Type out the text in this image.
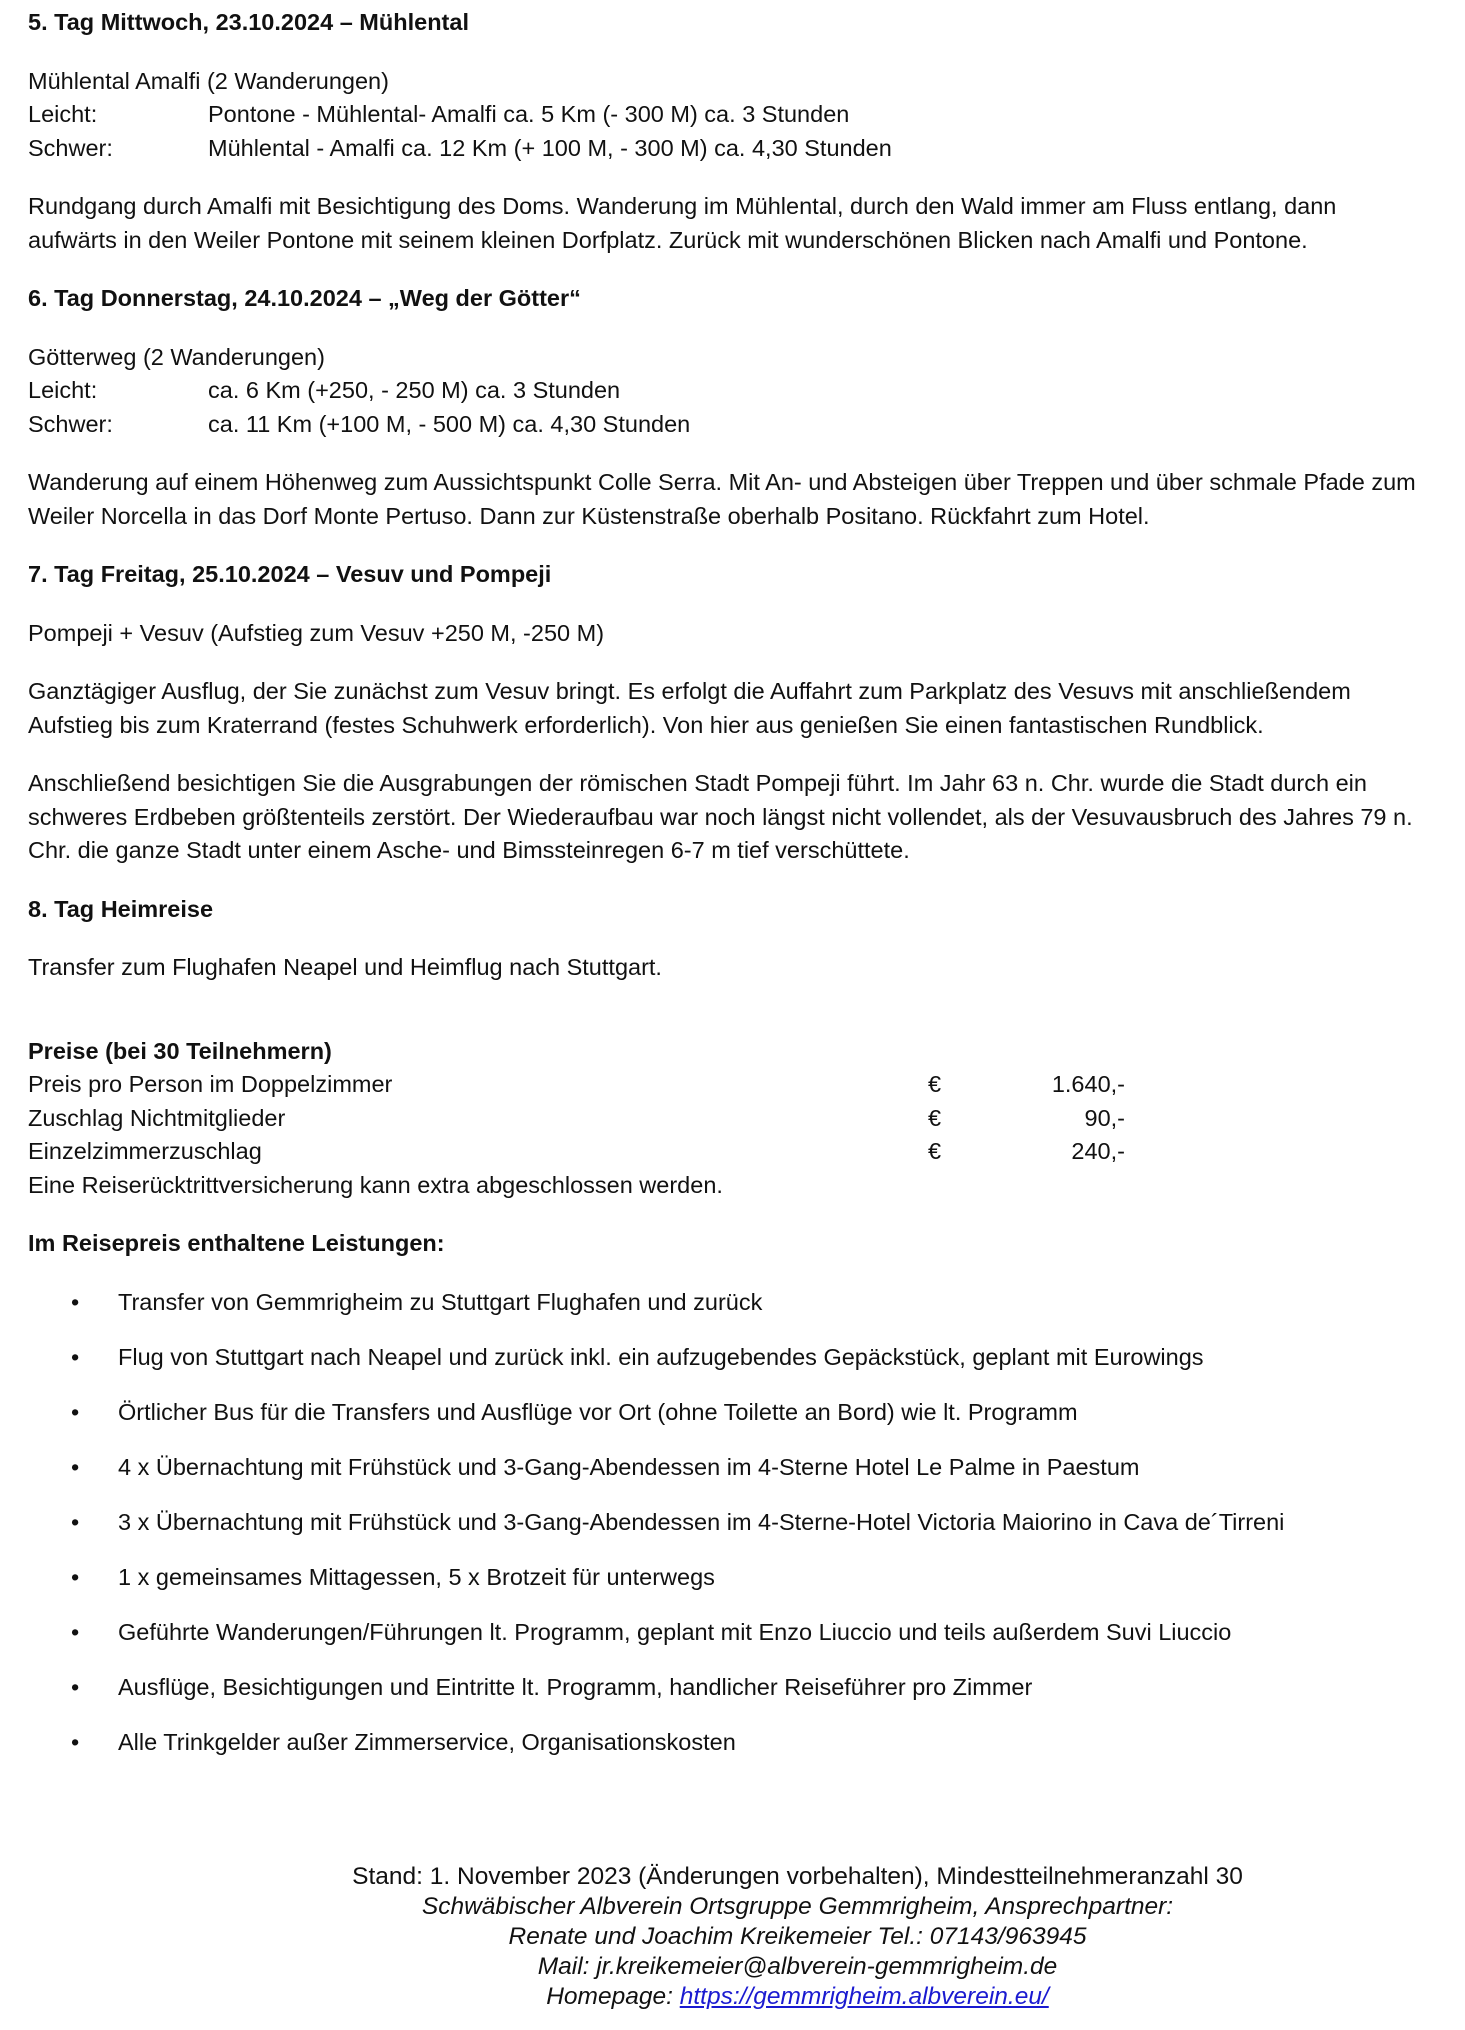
5. Tag Mittwoch, 23.10.2024 – Mühlental

Mühlental Amalfi (2 Wanderungen)
Leicht:	Pontone - Mühlental- Amalfi ca. 5 Km (- 300 M) ca. 3 Stunden
Schwer:	Mühlental - Amalfi ca. 12 Km (+ 100 M, - 300 M) ca. 4,30 Stunden
Rundgang durch Amalfi mit Besichtigung des Doms. Wanderung im Mühlental, durch den Wald immer am Fluss entlang, dann aufwärts in den Weiler Pontone mit seinem kleinen Dorfplatz. Zurück mit wunderschönen Blicken nach Amalfi und Pontone.

6. Tag Donnerstag, 24.10.2024 – „Weg der Götter“

Götterweg (2 Wanderungen)
Leicht:	ca. 6 Km (+250, - 250 M) ca. 3 Stunden
Schwer:	ca. 11 Km (+100 M, - 500 M) ca. 4,30 Stunden
Wanderung auf einem Höhenweg zum Aussichtspunkt Colle Serra. Mit An- und Absteigen über Treppen und über schmale Pfade zum Weiler Norcella in das Dorf Monte Pertuso. Dann zur Küstenstraße oberhalb Positano. Rückfahrt zum Hotel.

7. Tag Freitag, 25.10.2024 – Vesuv und Pompeji

Pompeji + Vesuv (Aufstieg zum Vesuv +250 M, -250 M)
Ganztägiger Ausflug, der Sie zunächst zum Vesuv bringt. Es erfolgt die Auffahrt zum Parkplatz des Vesuvs mit anschließendem Aufstieg bis zum Kraterrand (festes Schuhwerk erforderlich). Von hier aus genießen Sie einen fantastischen Rundblick.
Anschließend besichtigen Sie die Ausgrabungen der römischen Stadt Pompeji führt. Im Jahr 63 n. Chr. wurde die Stadt durch ein schweres Erdbeben größtenteils zerstört. Der Wiederaufbau war noch längst nicht vollendet, als der Vesuvausbruch des Jahres 79 n. Chr. die ganze Stadt unter einem Asche- und Bimssteinregen 6-7 m tief verschüttete.

8. Tag Heimreise

Transfer zum Flughafen Neapel und Heimflug nach Stuttgart.

Preise (bei 30 Teilnehmern)

Preis pro Person im Doppelzimmer	€	1.640,-
Zuschlag Nichtmitglieder	€	90,-
Einzelzimmerzuschlag	€	240,-
Eine Reiserücktrittversicherung kann extra abgeschlossen werden.

Im Reisepreis enthaltene Leistungen:

•	Transfer von Gemmrigheim zu Stuttgart Flughafen und zurück
•	Flug von Stuttgart nach Neapel und zurück inkl. ein aufzugebendes Gepäckstück, geplant mit Eurowings
•	Örtlicher Bus für die Transfers und Ausflüge vor Ort (ohne Toilette an Bord) wie lt. Programm
•	4 x Übernachtung mit Frühstück und 3-Gang-Abendessen im 4-Sterne Hotel Le Palme in Paestum
•	3 x Übernachtung mit Frühstück und 3-Gang-Abendessen im 4-Sterne-Hotel Victoria Maiorino in Cava de´Tirreni
•	1 x gemeinsames Mittagessen, 5 x Brotzeit für unterwegs
•	Geführte Wanderungen/Führungen lt. Programm, geplant mit Enzo Liuccio und teils außerdem Suvi Liuccio
•	Ausflüge, Besichtigungen und Eintritte lt. Programm, handlicher Reiseführer pro Zimmer
•	Alle Trinkgelder außer Zimmerservice, Organisationskosten
Stand: 1. November 2023 (Änderungen vorbehalten), Mindestteilnehmeranzahl 30
Schwäbischer Albverein Ortsgruppe Gemmrigheim, Ansprechpartner:
Renate und Joachim Kreikemeier Tel.: 07143/963945
Mail: jr.kreikemeier@albverein-gemmrigheim.de
Homepage: https://gemmrigheim.albverein.eu/
